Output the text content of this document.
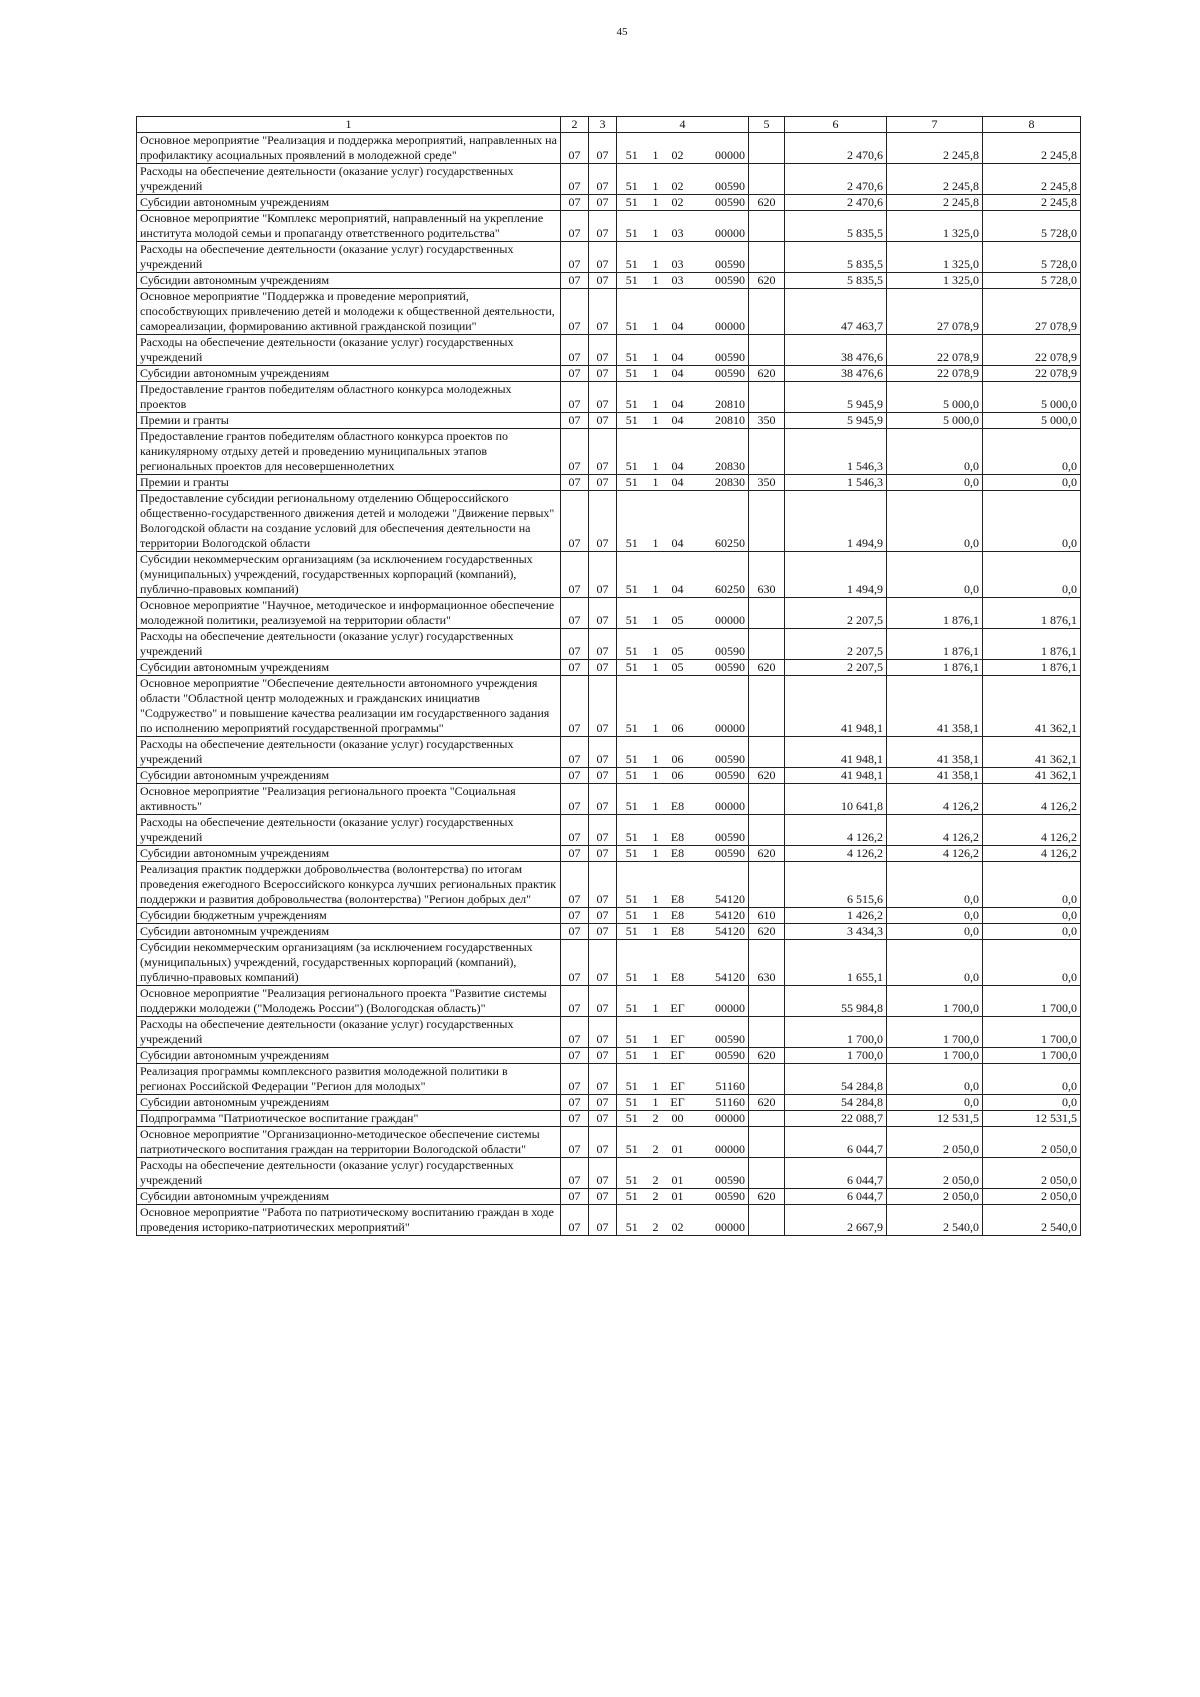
45
1	2	3	4				5	6	7	8
Основное мероприятие "Реализация и поддержка мероприятий, направленных на профилактику асоциальных проявлений в молодежной среде"	07	07	51	1	02	00000		2 470,6	2 245,8	2 245,8
Расходы на обеспечение деятельности (оказание услуг) государственных учреждений	07	07	51	1	02	00590		2 470,6	2 245,8	2 245,8
Субсидии автономным учреждениям	07	07	51	1	02	00590	620	2 470,6	2 245,8	2 245,8
Основное мероприятие "Комплекс мероприятий, направленный на укрепление института молодой семьи и пропаганду ответственного родительства"	07	07	51	1	03	00000		5 835,5	1 325,0	5 728,0
Расходы на обеспечение деятельности (оказание услуг) государственных учреждений	07	07	51	1	03	00590		5 835,5	1 325,0	5 728,0
Субсидии автономным учреждениям	07	07	51	1	03	00590	620	5 835,5	1 325,0	5 728,0
Основное мероприятие "Поддержка и проведение мероприятий, способствующих привлечению детей и молодежи к общественной деятельности, самореализации, формированию активной гражданской позиции"	07	07	51	1	04	00000		47 463,7	27 078,9	27 078,9
Расходы на обеспечение деятельности (оказание услуг) государственных учреждений	07	07	51	1	04	00590		38 476,6	22 078,9	22 078,9
Субсидии автономным учреждениям	07	07	51	1	04	00590	620	38 476,6	22 078,9	22 078,9
Предоставление грантов победителям областного конкурса молодежных проектов	07	07	51	1	04	20810		5 945,9	5 000,0	5 000,0
Премии и гранты	07	07	51	1	04	20810	350	5 945,9	5 000,0	5 000,0
Предоставление грантов победителям областного конкурса проектов по каникулярному отдыху детей и проведению муниципальных этапов региональных проектов для несовершеннолетних	07	07	51	1	04	20830		1 546,3	0,0	0,0
Премии и гранты	07	07	51	1	04	20830	350	1 546,3	0,0	0,0
Предоставление субсидии региональному отделению Общероссийского общественно-государственного движения детей и молодежи "Движение первых" Вологодской области на создание условий для обеспечения деятельности на территории Вологодской области	07	07	51	1	04	60250		1 494,9	0,0	0,0
Субсидии некоммерческим организациям (за исключением государственных (муниципальных) учреждений, государственных корпораций (компаний), публично-правовых компаний)	07	07	51	1	04	60250	630	1 494,9	0,0	0,0
Основное мероприятие "Научное, методическое и информационное обеспечение молодежной политики, реализуемой на территории области"	07	07	51	1	05	00000		2 207,5	1 876,1	1 876,1
Расходы на обеспечение деятельности (оказание услуг) государственных учреждений	07	07	51	1	05	00590		2 207,5	1 876,1	1 876,1
Субсидии автономным учреждениям	07	07	51	1	05	00590	620	2 207,5	1 876,1	1 876,1
Основное мероприятие "Обеспечение деятельности автономного учреждения области "Областной центр молодежных и гражданских инициатив "Содружество" и повышение качества реализации им государственного задания по исполнению мероприятий государственной программы"	07	07	51	1	06	00000		41 948,1	41 358,1	41 362,1
Расходы на обеспечение деятельности (оказание услуг) государственных учреждений	07	07	51	1	06	00590		41 948,1	41 358,1	41 362,1
Субсидии автономным учреждениям	07	07	51	1	06	00590	620	41 948,1	41 358,1	41 362,1
Основное мероприятие "Реализация регионального проекта "Социальная активность"	07	07	51	1	E8	00000		10 641,8	4 126,2	4 126,2
Расходы на обеспечение деятельности (оказание услуг) государственных учреждений	07	07	51	1	E8	00590		4 126,2	4 126,2	4 126,2
Субсидии автономным учреждениям	07	07	51	1	E8	00590	620	4 126,2	4 126,2	4 126,2
Реализация практик поддержки добровольчества (волонтерства) по итогам проведения ежегодного Всероссийского конкурса лучших региональных практик поддержки и развития добровольчества (волонтерства) "Регион добрых дел"	07	07	51	1	E8	54120		6 515,6	0,0	0,0
Субсидии бюджетным учреждениям	07	07	51	1	E8	54120	610	1 426,2	0,0	0,0
Субсидии автономным учреждениям	07	07	51	1	E8	54120	620	3 434,3	0,0	0,0
Субсидии некоммерческим организациям (за исключением государственных (муниципальных) учреждений, государственных корпораций (компаний), публично-правовых компаний)	07	07	51	1	E8	54120	630	1 655,1	0,0	0,0
Основное мероприятие "Реализация регионального проекта "Развитие системы поддержки молодежи ("Молодежь России") (Вологодская область)"	07	07	51	1	ЕГ	00000		55 984,8	1 700,0	1 700,0
Расходы на обеспечение деятельности (оказание услуг) государственных учреждений	07	07	51	1	ЕГ	00590		1 700,0	1 700,0	1 700,0
Субсидии автономным учреждениям	07	07	51	1	ЕГ	00590	620	1 700,0	1 700,0	1 700,0
Реализация программы комплексного развития молодежной политики в регионах Российской Федерации "Регион для молодых"	07	07	51	1	ЕГ	51160		54 284,8	0,0	0,0
Субсидии автономным учреждениям	07	07	51	1	ЕГ	51160	620	54 284,8	0,0	0,0
Подпрограмма "Патриотическое воспитание граждан"	07	07	51	2	00	00000		22 088,7	12 531,5	12 531,5
Основное мероприятие "Организационно-методическое обеспечение системы патриотического воспитания граждан на территории Вологодской области"	07	07	51	2	01	00000		6 044,7	2 050,0	2 050,0
Расходы на обеспечение деятельности (оказание услуг) государственных учреждений	07	07	51	2	01	00590		6 044,7	2 050,0	2 050,0
Субсидии автономным учреждениям	07	07	51	2	01	00590	620	6 044,7	2 050,0	2 050,0
Основное мероприятие "Работа по патриотическому воспитанию граждан в ходе проведения историко-патриотических мероприятий"	07	07	51	2	02	00000		2 667,9	2 540,0	2 540,0
